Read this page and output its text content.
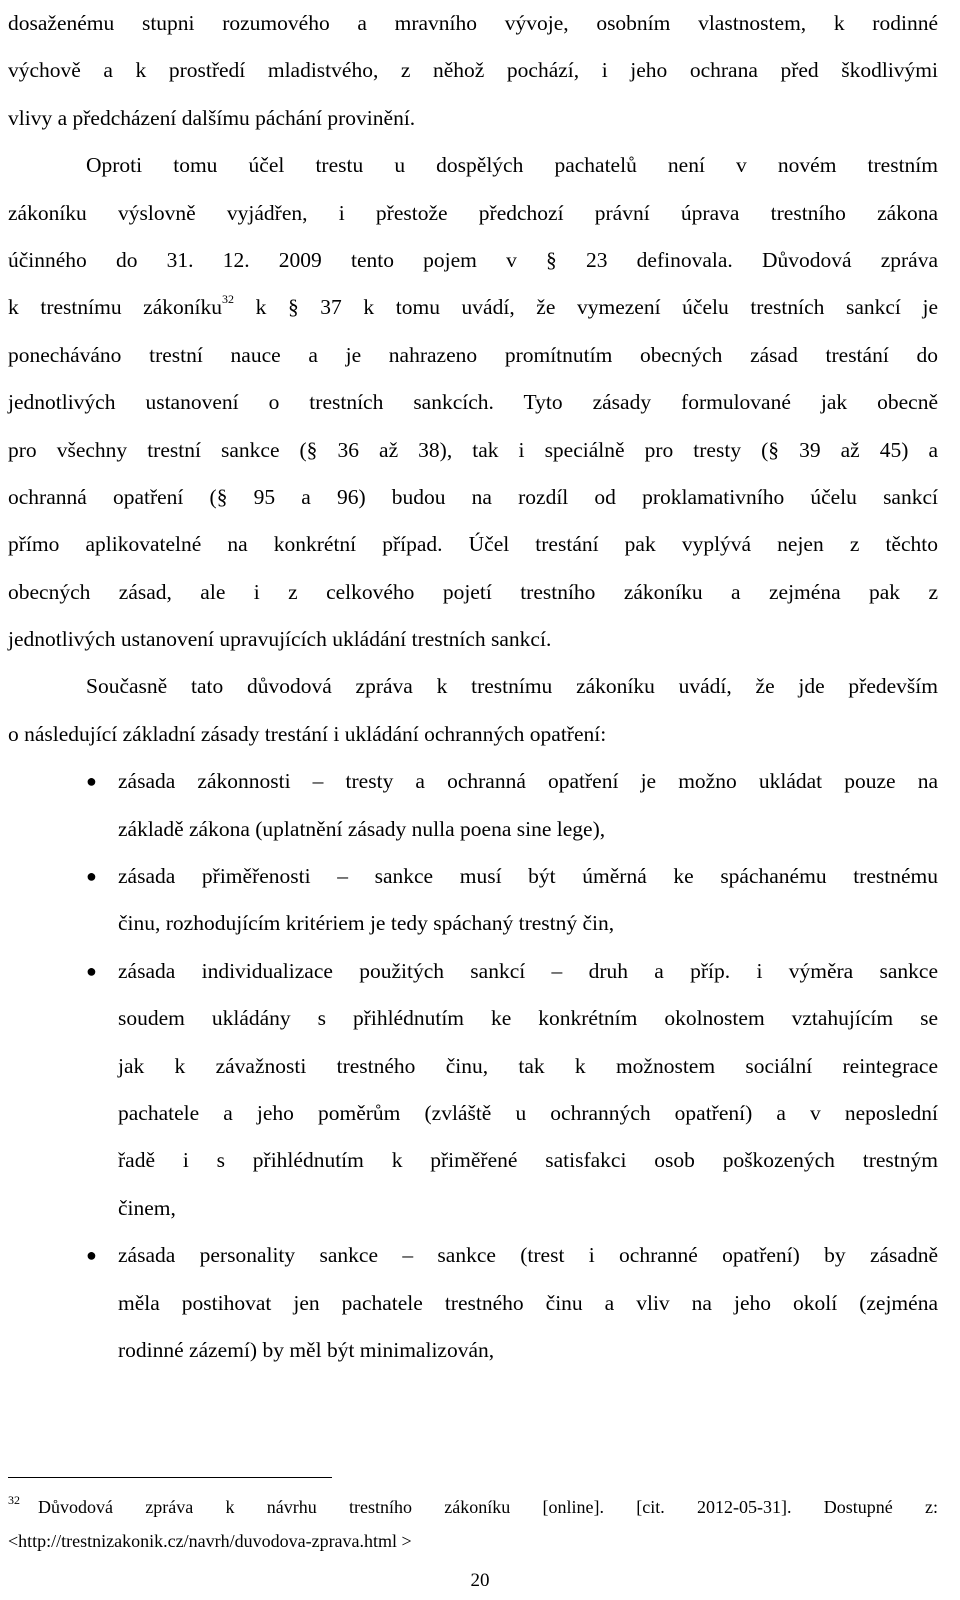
dosaženému stupni rozumového a mravního vývoje, osobním vlastnostem, k rodinné
výchově a k prostředí mladistvého, z něhož pochází, i jeho ochrana před škodlivými
vlivy a předcházení dalšímu páchání provinění.
Oproti tomu účel trestu u dospělých pachatelů není v novém trestním
zákoníku výslovně vyjádřen, i přestože předchozí právní úprava trestního zákona
účinného do 31. 12. 2009 tento pojem v § 23 definovala. Důvodová zpráva
k trestnímu zákoníku$^{32}$ k § 37 k tomu uvádí, že vymezení účelu trestních sankcí je
ponecháváno trestní nauce a je nahrazeno promítnutím obecných zásad trestání do
jednotlivých ustanovení o trestních sankcích. Tyto zásady formulované jak obecně
pro všechny trestní sankce (§ 36 až 38), tak i speciálně pro tresty (§ 39 až 45) a
ochranná opatření (§ 95 a 96) budou na rozdíl od proklamativního účelu sankcí
přímo aplikovatelné na konkrétní případ. Účel trestání pak vyplývá nejen z těchto
obecných zásad, ale i z celkového pojetí trestního zákoníku a zejména pak z
jednotlivých ustanovení upravujících ukládání trestních sankcí.
Současně tato důvodová zpráva k trestnímu zákoníku uvádí, že jde především
o následující základní zásady trestání i ukládání ochranných opatření:
● zásada zákonnosti – tresty a ochranná opatření je možno ukládat pouze na
základě zákona (uplatnění zásady nulla poena sine lege),
● zásada přiměřenosti – sankce musí být úměrná ke spáchanému trestnému
činu, rozhodujícím kritériem je tedy spáchaný trestný čin,
● zásada individualizace použitých sankcí – druh a příp. i výměra sankce
soudem ukládány s přihlédnutím ke konkrétním okolnostem vztahujícím se
jak k závažnosti trestného činu, tak k možnostem sociální reintegrace
pachatele a jeho poměrům (zvláště u ochranných opatření) a v neposlední
řadě i s přihlédnutím k přiměřené satisfakci osob poškozených trestným
činem,
● zásada personality sankce – sankce (trest i ochranné opatření) by zásadně
měla postihovat jen pachatele trestného činu a vliv na jeho okolí (zejména
rodinné zázemí) by měl být minimalizován,
$^{32}$ Důvodová zpráva k návrhu trestního zákoníku [online]. [cit. 2012-05-31]. Dostupné z:
<http://trestnizakonik.cz/navrh/duvodova-zprava.html >
20
